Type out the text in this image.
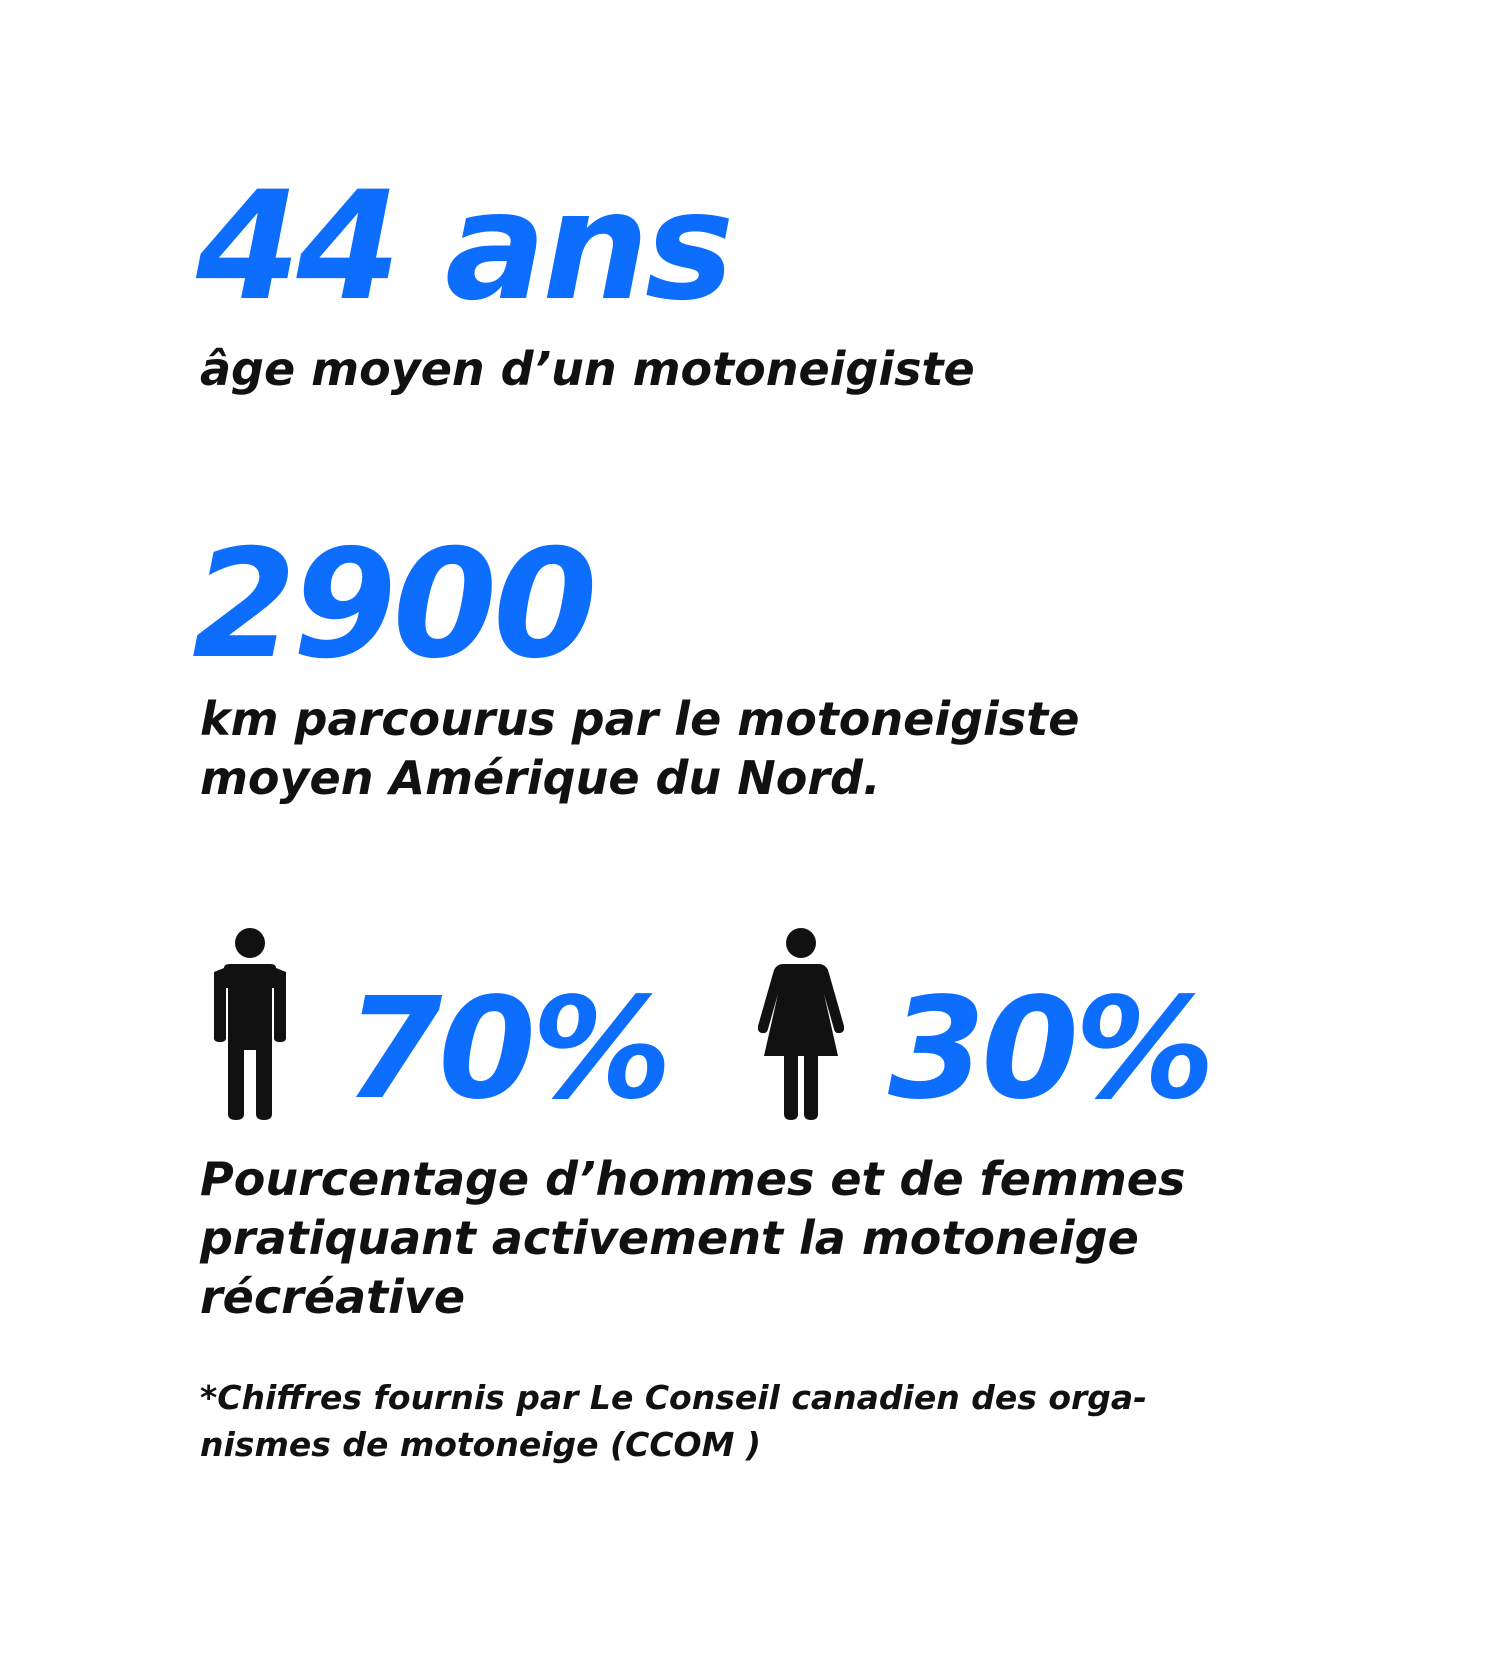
44 ans

âge moyen d’un motoneigiste

2900

km parcourus par le motoneigiste moyen Amérique du Nord.

70% 30%

Pourcentage d’hommes et de femmes pratiquant activement la motoneige récréative

*Chiffres fournis par Le Conseil canadien des orga-nismes de motoneige (CCOM )
